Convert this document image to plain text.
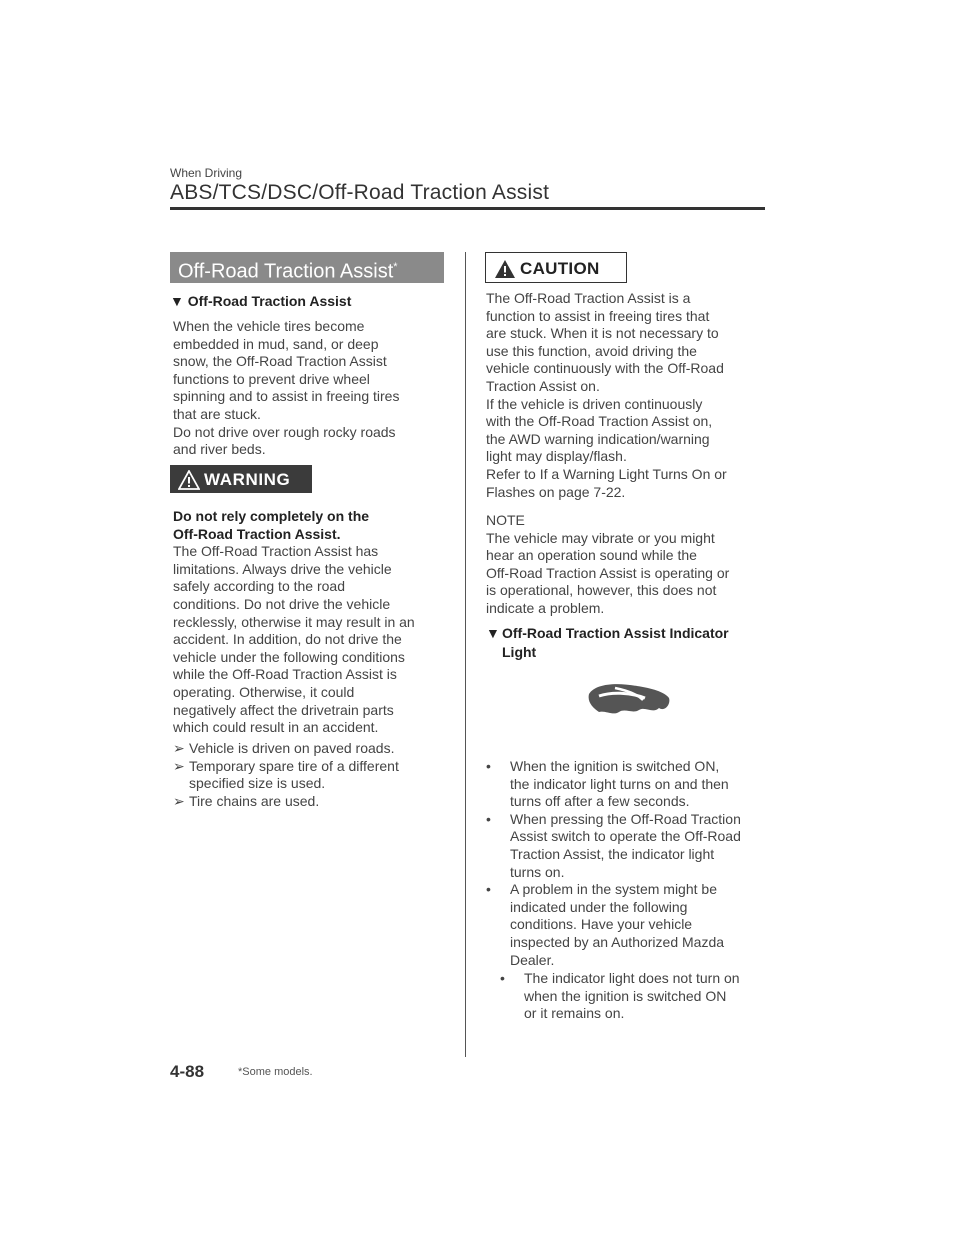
When Driving
ABS/TCS/DSC/Off-Road Traction Assist
Off-Road Traction Assist*
▼ Off-Road Traction Assist
When the vehicle tires become
embedded in mud, sand, or deep
snow, the Off-Road Traction Assist
functions to prevent drive wheel
spinning and to assist in freeing tires
that are stuck.
Do not drive over rough rocky roads
and river beds.
WARNING
Do not rely completely on the
Off-Road Traction Assist.
The Off-Road Traction Assist has
limitations. Always drive the vehicle
safely according to the road
conditions. Do not drive the vehicle
recklessly, otherwise it may result in an
accident. In addition, do not drive the
vehicle under the following conditions
while the Off-Road Traction Assist is
operating. Otherwise, it could
negatively affect the drivetrain parts
which could result in an accident.
➢ Vehicle is driven on paved roads.
➢ Temporary spare tire of a different specified size is used.
➢ Tire chains are used.
CAUTION
The Off-Road Traction Assist is a
function to assist in freeing tires that
are stuck. When it is not necessary to
use this function, avoid driving the
vehicle continuously with the Off-Road
Traction Assist on.
If the vehicle is driven continuously
with the Off-Road Traction Assist on,
the AWD warning indication/warning
light may display/flash.
Refer to If a Warning Light Turns On or
Flashes on page 7-22.
NOTE
The vehicle may vibrate or you might
hear an operation sound while the
Off-Road Traction Assist is operating or
is operational, however, this does not
indicate a problem.
▼ Off-Road Traction Assist Indicator Light
•	When the ignition is switched ON,
the indicator light turns on and then
turns off after a few seconds.
•	When pressing the Off-Road Traction
Assist switch to operate the Off-Road
Traction Assist, the indicator light
turns on.
•	A problem in the system might be
indicated under the following
conditions. Have your vehicle
inspected by an Authorized Mazda
Dealer.
•	The indicator light does not turn on
when the ignition is switched ON
or it remains on.
4-88	*Some models.
